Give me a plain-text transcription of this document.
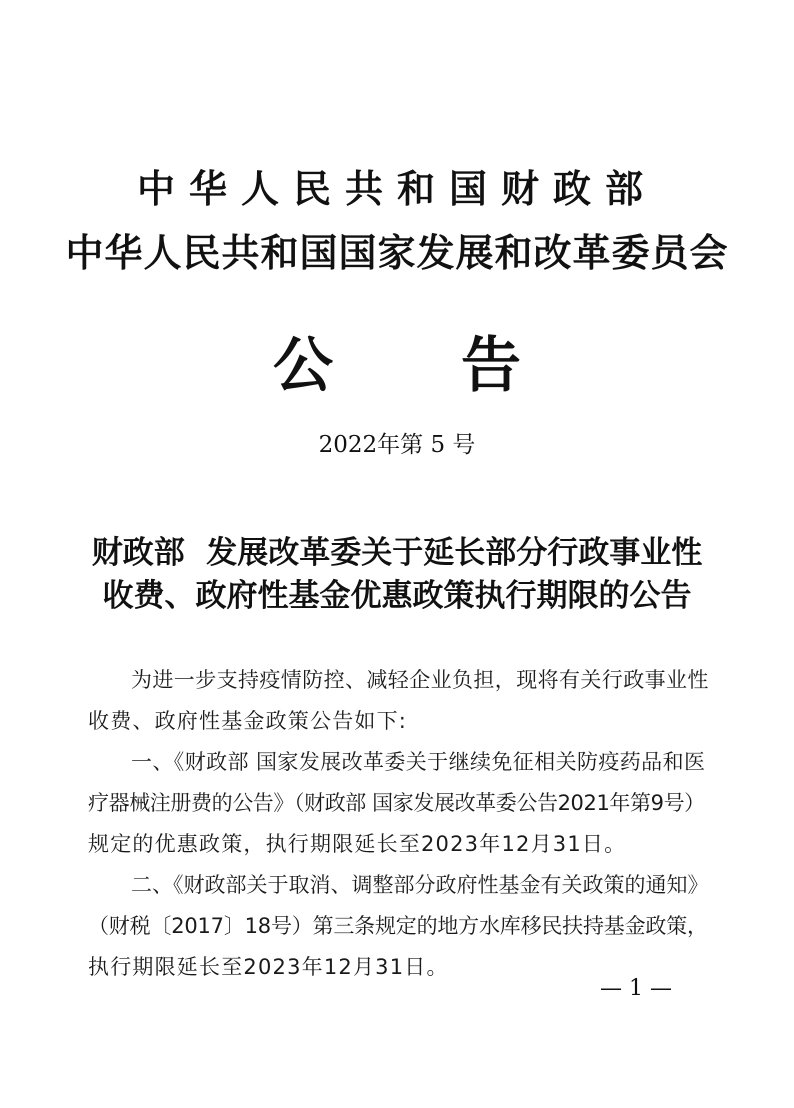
中华人民共和国财政部
中华人民共和国国家发展和改革委员会
公告
2022年第 5 号
财政部  发展改革委关于延长部分行政事业性
收费、政府性基金优惠政策执行期限的公告
为进一步支持疫情防控、减轻企业负担，现将有关行政事业性
收费、政府性基金政策公告如下:
一、《财政部 国家发展改革委关于继续免征相关防疫药品和医
疗器械注册费的公告》（财政部 国家发展改革委公告2021年第9号）
规定的优惠政策，执行期限延长至2023年12月31日。
二、《财政部关于取消、调整部分政府性基金有关政策的通知》
（财税〔2017〕18号）第三条规定的地方水库移民扶持基金政策，
执行期限延长至2023年12月31日。
— 1 —
